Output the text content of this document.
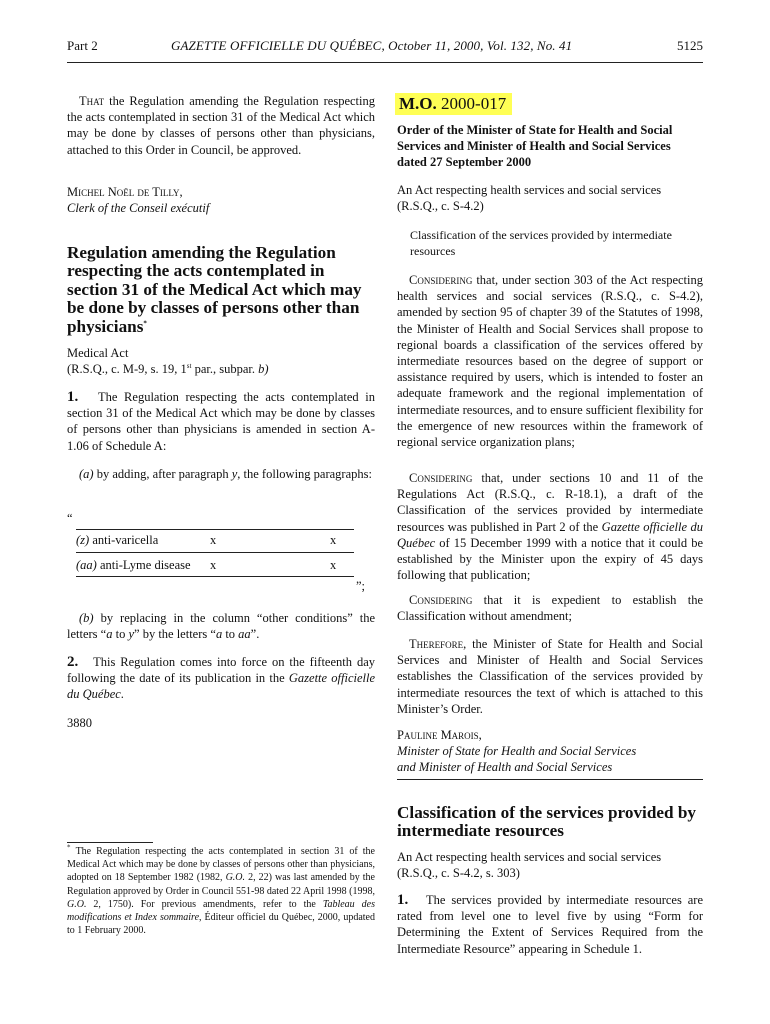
Part 2	GAZETTE OFFICIELLE DU QUÉBEC, October 11, 2000, Vol. 132, No. 41	5125

That the Regulation amending the Regulation respecting the acts contemplated in section 31 of the Medical Act which may be done by classes of persons other than physicians, attached to this Order in Council, be approved.

Michel Noël de Tilly,
Clerk of the Conseil exécutif

Regulation amending the Regulation respecting the acts contemplated in section 31 of the Medical Act which may be done by classes of persons other than physicians*

Medical Act
(R.S.Q., c. M-9, s. 19, 1st par., subpar. b)

1. The Regulation respecting the acts contemplated in section 31 of the Medical Act which may be done by classes of persons other than physicians is amended in section A-1.06 of Schedule A:

(a) by adding, after paragraph y, the following paragraphs:

“
(z) anti-varicella	x	x

(aa) anti-Lyme disease	x	x
”;

(b) by replacing in the column “other conditions” the letters “a to y” by the letters “a to aa”.

2. This Regulation comes into force on the fifteenth day following the date of its publication in the Gazette officielle du Québec.

3880

* The Regulation respecting the acts contemplated in section 31 of the Medical Act which may be done by classes of persons other than physicians, adopted on 18 September 1982 (1982, G.O. 2, 22) was last amended by the Regulation approved by Order in Council 551-98 dated 22 April 1998 (1998, G.O. 2, 1750). For previous amendments, refer to the Tableau des modifications et Index sommaire, Éditeur officiel du Québec, 2000, updated to 1 February 2000.

M.O. 2000-017

Order of the Minister of State for Health and Social Services and Minister of Health and Social Services dated 27 September 2000

An Act respecting health services and social services (R.S.Q., c. S-4.2)

Classification of the services provided by intermediate resources

Considering that, under section 303 of the Act respecting health services and social services (R.S.Q., c. S-4.2), amended by section 95 of chapter 39 of the Statutes of 1998, the Minister of Health and Social Services shall propose to regional boards a classification of the services offered by intermediate resources based on the degree of support or assistance required by users, which is intended to foster an adequate framework and the regional implementation of intermediate resources, and to ensure sufficient flexibility for the emergence of new resources within the framework of regional service organization plans;

Considering that, under sections 10 and 11 of the Regulations Act (R.S.Q., c. R-18.1), a draft of the Classification of the services provided by intermediate resources was published in Part 2 of the Gazette officielle du Québec of 15 December 1999 with a notice that it could be established by the Minister upon the expiry of 45 days following that publication;

Considering that it is expedient to establish the Classification without amendment;

Therefore, the Minister of State for Health and Social Services and Minister of Health and Social Services establishes the Classification of the services provided by intermediate resources the text of which is attached to this Minister’s Order.

Pauline Marois,
Minister of State for Health and Social Services
and Minister of Health and Social Services

Classification of the services provided by intermediate resources

An Act respecting health services and social services (R.S.Q., c. S-4.2, s. 303)

1. The services provided by intermediate resources are rated from level one to level five by using “Form for Determining the Extent of Services Required from the Intermediate Resource” appearing in Schedule 1.
